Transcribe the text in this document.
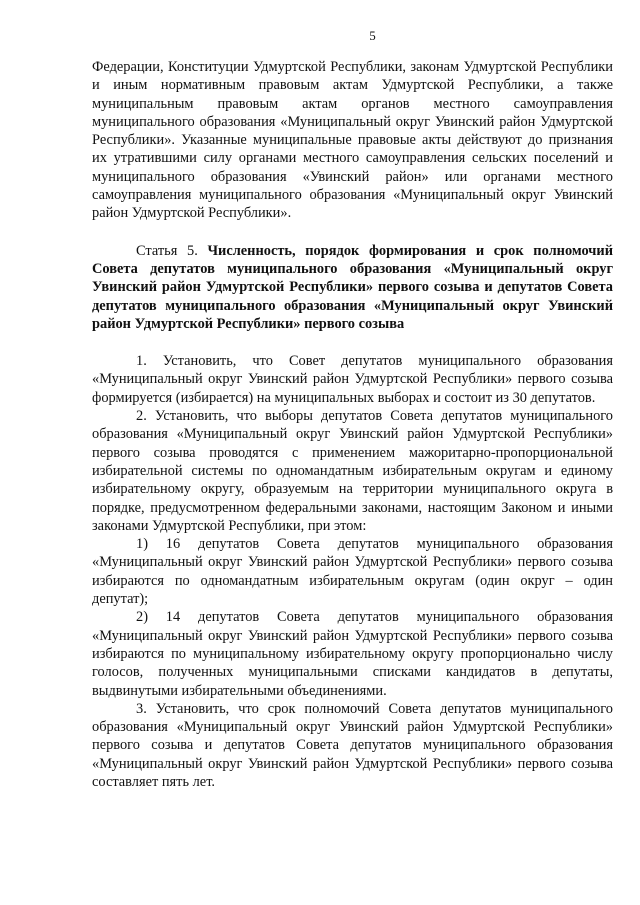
5

Федерации, Конституции Удмуртской Республики, законам Удмуртской Республики и иным нормативным правовым актам Удмуртской Республики, а также муниципальным правовым актам органов местного самоуправления муниципального образования «Муниципальный округ Увинский район Удмуртской Республики». Указанные муниципальные правовые акты действуют до признания их утратившими силу органами местного самоуправления сельских поселений и муниципального образования «Увинский район» или органами местного самоуправления муниципального образования «Муниципальный округ Увинский район Удмуртской Республики».

Статья 5. Численность, порядок формирования и срок полномочий Совета депутатов муниципального образования «Муниципальный округ Увинский район Удмуртской Республики» первого созыва и депутатов Совета депутатов муниципального образования «Муниципальный округ Увинский район Удмуртской Республики» первого созыва

1. Установить, что Совет депутатов муниципального образования «Муниципальный округ Увинский район Удмуртской Республики» первого созыва формируется (избирается) на муниципальных выборах и состоит из 30 депутатов.

2. Установить, что выборы депутатов Совета депутатов муниципального образования «Муниципальный округ Увинский район Удмуртской Республики» первого созыва проводятся с применением мажоритарно-пропорциональной избирательной системы по одномандатным избирательным округам и единому избирательному округу, образуемым на территории муниципального округа в порядке, предусмотренном федеральными законами, настоящим Законом и иными законами Удмуртской Республики, при этом:

1) 16 депутатов Совета депутатов муниципального образования «Муниципальный округ Увинский район Удмуртской Республики» первого созыва избираются по одномандатным избирательным округам (один округ – один депутат);

2) 14 депутатов Совета депутатов муниципального образования «Муниципальный округ Увинский район Удмуртской Республики» первого созыва избираются по муниципальному избирательному округу пропорционально числу голосов, полученных муниципальными списками кандидатов в депутаты, выдвинутыми избирательными объединениями.

3. Установить, что срок полномочий Совета депутатов муниципального образования «Муниципальный округ Увинский район Удмуртской Республики» первого созыва и депутатов Совета депутатов муниципального образования «Муниципальный округ Увинский район Удмуртской Республики» первого созыва составляет пять лет.
